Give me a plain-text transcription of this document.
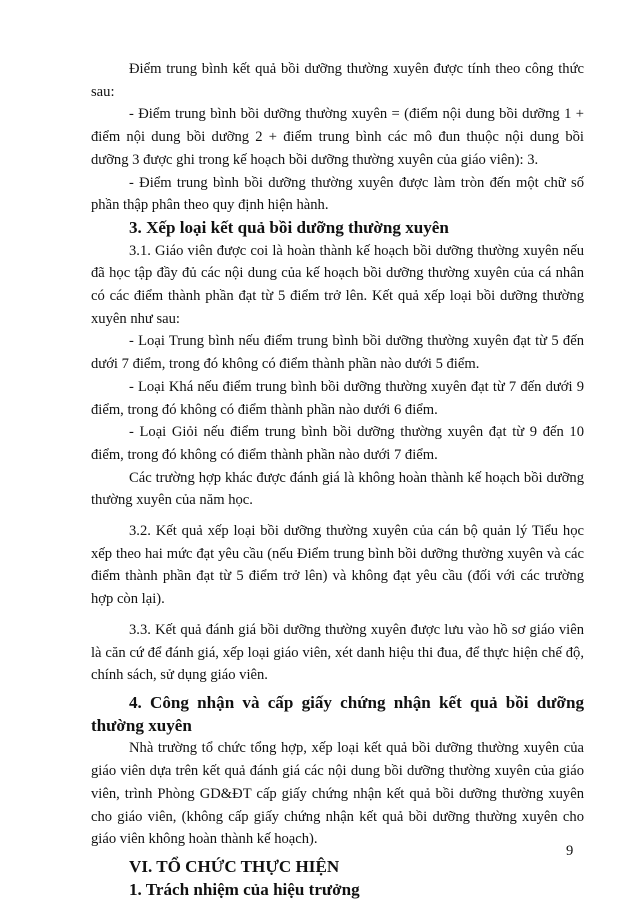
Điểm trung bình kết quả bồi dưỡng thường xuyên được tính theo công thức sau:

- Điểm trung bình bồi dưỡng thường xuyên = (điểm nội dung bồi dưỡng 1 + điểm nội dung bồi dưỡng 2 + điểm trung bình các mô đun thuộc nội dung bồi dưỡng 3 được ghi trong kế hoạch bồi dưỡng thường xuyên của giáo viên): 3.

- Điểm trung bình bồi dưỡng thường xuyên được làm tròn đến một chữ số phần thập phân theo quy định hiện hành.

3. Xếp loại kết quả bồi dưỡng thường xuyên

3.1. Giáo viên được coi là hoàn thành kế hoạch bồi dưỡng thường xuyên nếu đã học tập đầy đủ các nội dung của kế hoạch bồi dưỡng thường xuyên của cá nhân có các điểm thành phần đạt từ 5 điểm trở lên. Kết quả xếp loại bồi dưỡng thường xuyên như sau:

- Loại Trung bình nếu điểm trung bình bồi dưỡng thường xuyên đạt từ 5 đến dưới 7 điểm, trong đó không có điểm thành phần nào dưới 5 điểm.

- Loại Khá nếu điểm trung bình bồi dưỡng thường xuyên đạt từ 7 đến dưới 9 điểm, trong đó không có điểm thành phần nào dưới 6 điểm.

- Loại Giỏi nếu điểm trung bình bồi dưỡng thường xuyên đạt từ 9 đến 10 điểm, trong đó không có điểm thành phần nào dưới 7 điểm.

Các trường hợp khác được đánh giá là không hoàn thành kế hoạch bồi dưỡng thường xuyên của năm học.

3.2. Kết quả xếp loại bồi dưỡng thường xuyên của cán bộ quản lý Tiểu học xếp theo hai mức đạt yêu cầu (nếu Điểm trung bình bồi dưỡng thường xuyên và các điểm thành phần đạt từ 5 điểm trở lên) và không đạt yêu cầu (đối với các trường hợp còn lại).

3.3. Kết quả đánh giá bồi dưỡng thường xuyên được lưu vào hồ sơ giáo viên là căn cứ để đánh giá, xếp loại giáo viên, xét danh hiệu thi đua, để thực hiện chế độ, chính sách, sử dụng giáo viên.

4. Công nhận và cấp giấy chứng nhận kết quả bồi dưỡng thường xuyên

Nhà trường tổ chức tổng hợp, xếp loại kết quả bồi dưỡng thường xuyên của giáo viên dựa trên kết quả đánh giá các nội dung bồi dưỡng thường xuyên của giáo viên, trình Phòng GD&ĐT cấp giấy chứng nhận kết quả bồi dưỡng thường xuyên cho giáo viên, (không cấp giấy chứng nhận kết quả bồi dưỡng thường xuyên cho giáo viên không hoàn thành kế hoạch).

VI. TỔ CHỨC THỰC HIỆN
1. Trách nhiệm của hiệu trưởng
9
